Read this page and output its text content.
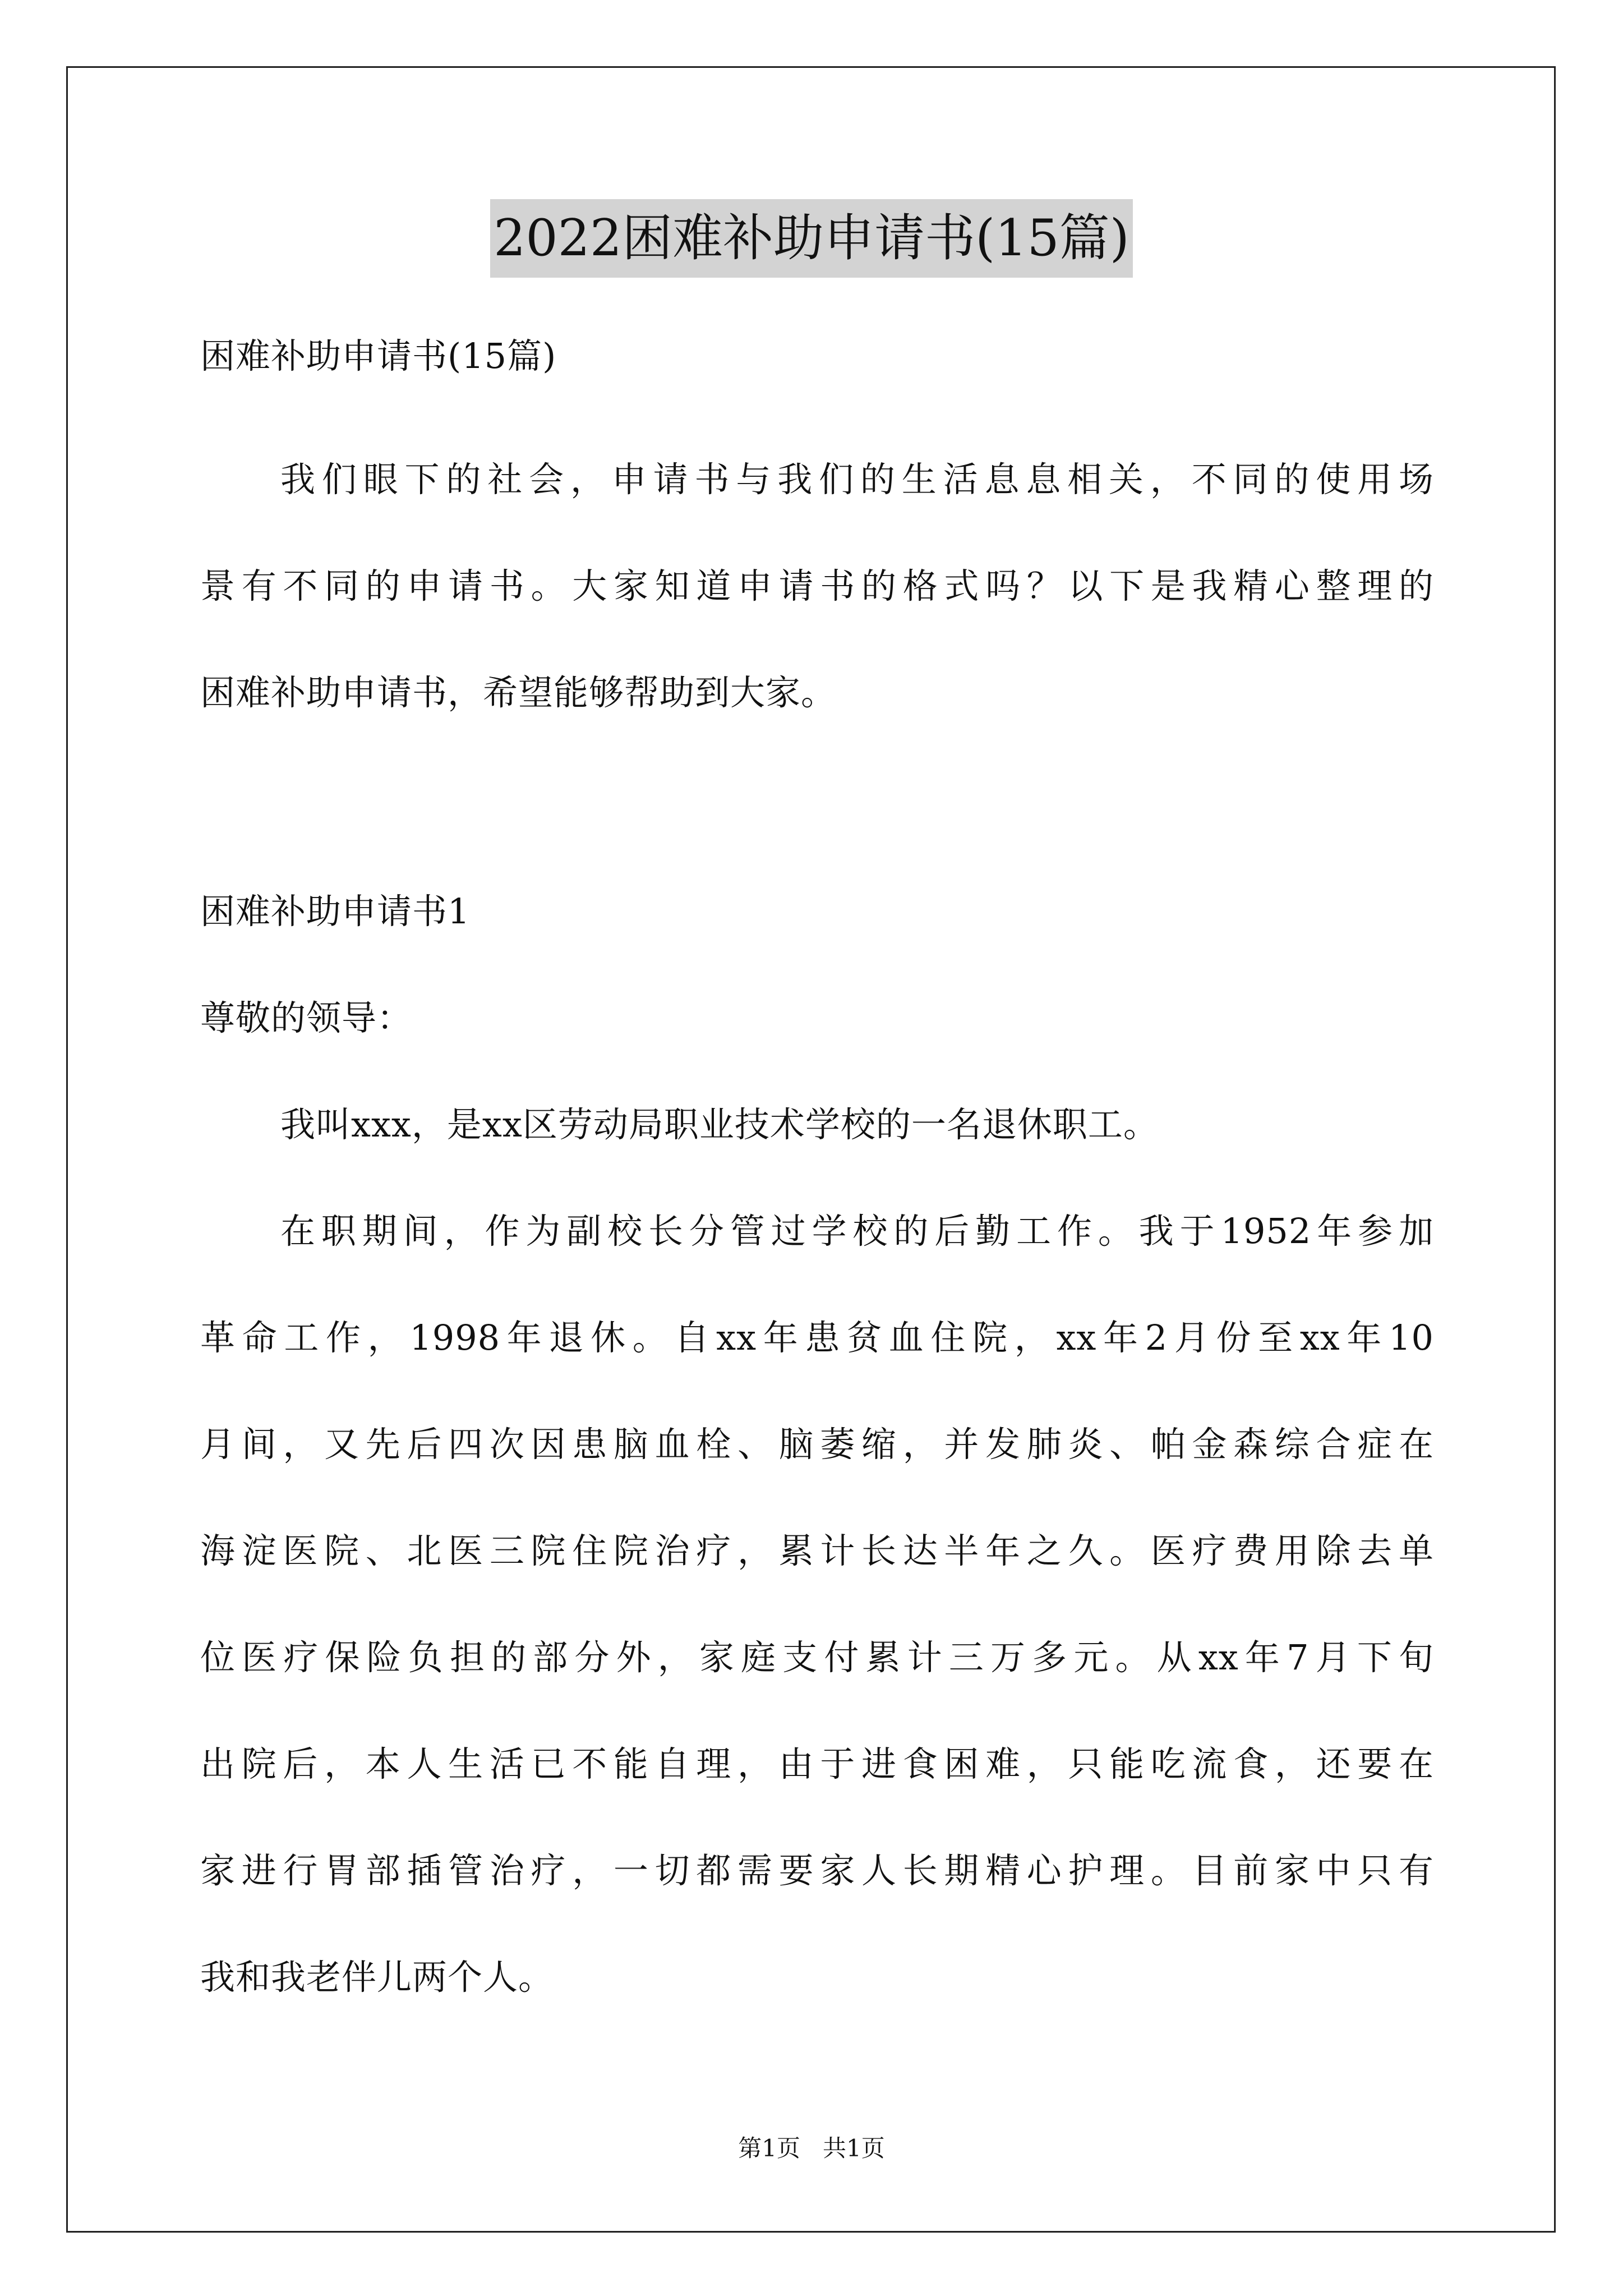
2022困难补助申请书(15篇)
困难补助申请书(15篇)
我们眼下的社会，申请书与我们的生活息息相关，不同的使用场
景有不同的申请书。大家知道申请书的格式吗？以下是我精心整理的
困难补助申请书，希望能够帮助到大家。
困难补助申请书1
尊敬的领导：
我叫xxx，是xx区劳动局职业技术学校的一名退休职工。
在职期间，作为副校长分管过学校的后勤工作。我于1952年参加
革命工作，1998年退休。自xx年患贫血住院，xx年2月份至xx年10
月间，又先后四次因患脑血栓、脑萎缩，并发肺炎、帕金森综合症在
海淀医院、北医三院住院治疗，累计长达半年之久。医疗费用除去单
位医疗保险负担的部分外，家庭支付累计三万多元。从xx年7月下旬
出院后，本人生活已不能自理，由于进食困难，只能吃流食，还要在
家进行胃部插管治疗，一切都需要家人长期精心护理。目前家中只有
我和我老伴儿两个人。
第1页   共1页
